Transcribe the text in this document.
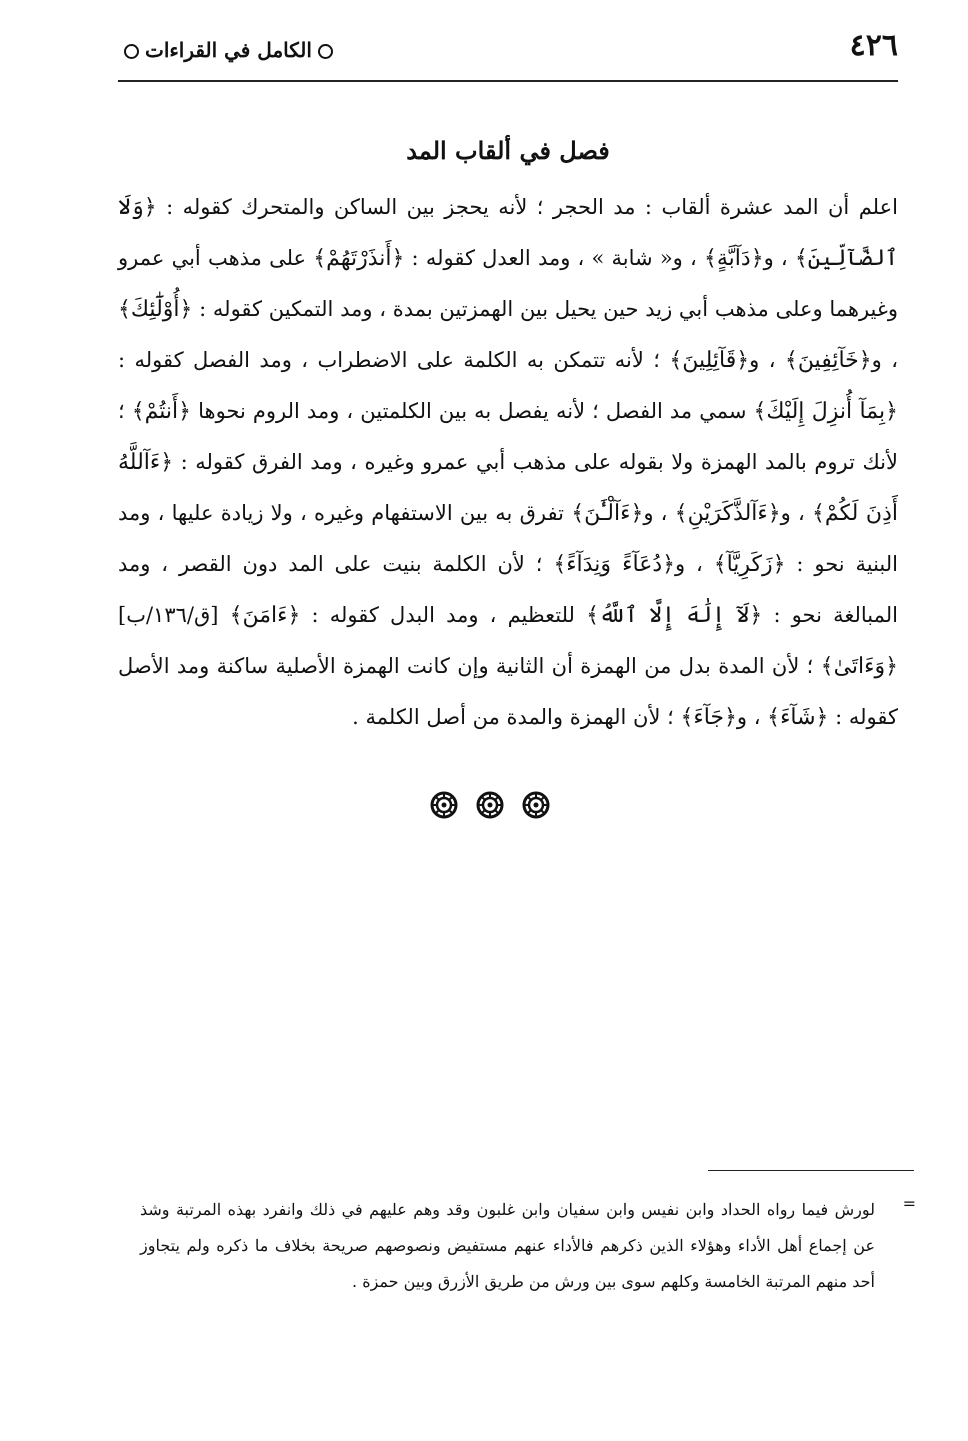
٤٢٦
الكامل في القراءات
فصل في ألقاب المد
اعلم أن المد عشرة ألقاب : مد الحجر ؛ لأنه يحجز بين الساكن والمتحرك كقوله : ﴿وَلَا ٱلضَّآلِّينَ﴾ ، و﴿دَآبَّةٍ﴾ ، و« شابة » ، ومد العدل كقوله : ﴿أَنذَرْتَهُمْ﴾ على مذهب أبي عمرو وغيرهما وعلى مذهب أبي زيد حين يحيل بين الهمزتين بمدة ، ومد التمكين كقوله : ﴿أُوْلَٰٓئِكَ﴾ ، و﴿خَآئِفِينَ﴾ ، و﴿قَآئِلِينَ﴾ ؛ لأنه تتمكن به الكلمة على الاضطراب ، ومد الفصل كقوله : ﴿بِمَآ أُنزِلَ إِلَيْكَ﴾ سمي مد الفصل ؛ لأنه يفصل به بين الكلمتين ، ومد الروم نحوها ﴿أَنتُمْ﴾ ؛ لأنك تروم بالمد الهمزة ولا بقوله على مذهب أبي عمرو وغيره ، ومد الفرق كقوله : ﴿ءَآللَّهُ أَذِنَ لَكُمْ﴾ ، و﴿ءَآلذَّكَرَيْنِ﴾ ، و﴿ءَآلْـَٰٔنَ﴾ تفرق به بين الاستفهام وغيره ، ولا زيادة عليها ، ومد البنية نحو : ﴿زَكَرِيَّآ﴾ ، و﴿دُعَآءً وَنِدَآءً﴾ ؛ لأن الكلمة بنيت على المد دون القصر ، ومد المبالغة نحو : ﴿لَآ إِلَٰهَ إِلَّا ٱللَّهُ﴾ للتعظيم ، ومد البدل كقوله : ﴿ءَامَنَ﴾ [ق/١٣٦/ب] ﴿وَءَاتَىٰ﴾ ؛ لأن المدة بدل من الهمزة أن الثانية وإن كانت الهمزة الأصلية ساكنة ومد الأصل كقوله : ﴿شَآءَ﴾ ، و﴿جَآءَ﴾ ؛ لأن الهمزة والمدة من أصل الكلمة .
=
لورش فيما رواه الحداد وابن نفيس وابن سفيان وابن غلبون وقد وهم عليهم في ذلك وانفرد بهذه المرتبة وشذ عن إجماع أهل الأداء وهؤلاء الذين ذكرهم فالأداء عنهم مستفيض ونصوصهم صريحة بخلاف ما ذكره ولم يتجاوز أحد منهم المرتبة الخامسة وكلهم سوى بين ورش من طريق الأزرق وبين حمزة .
